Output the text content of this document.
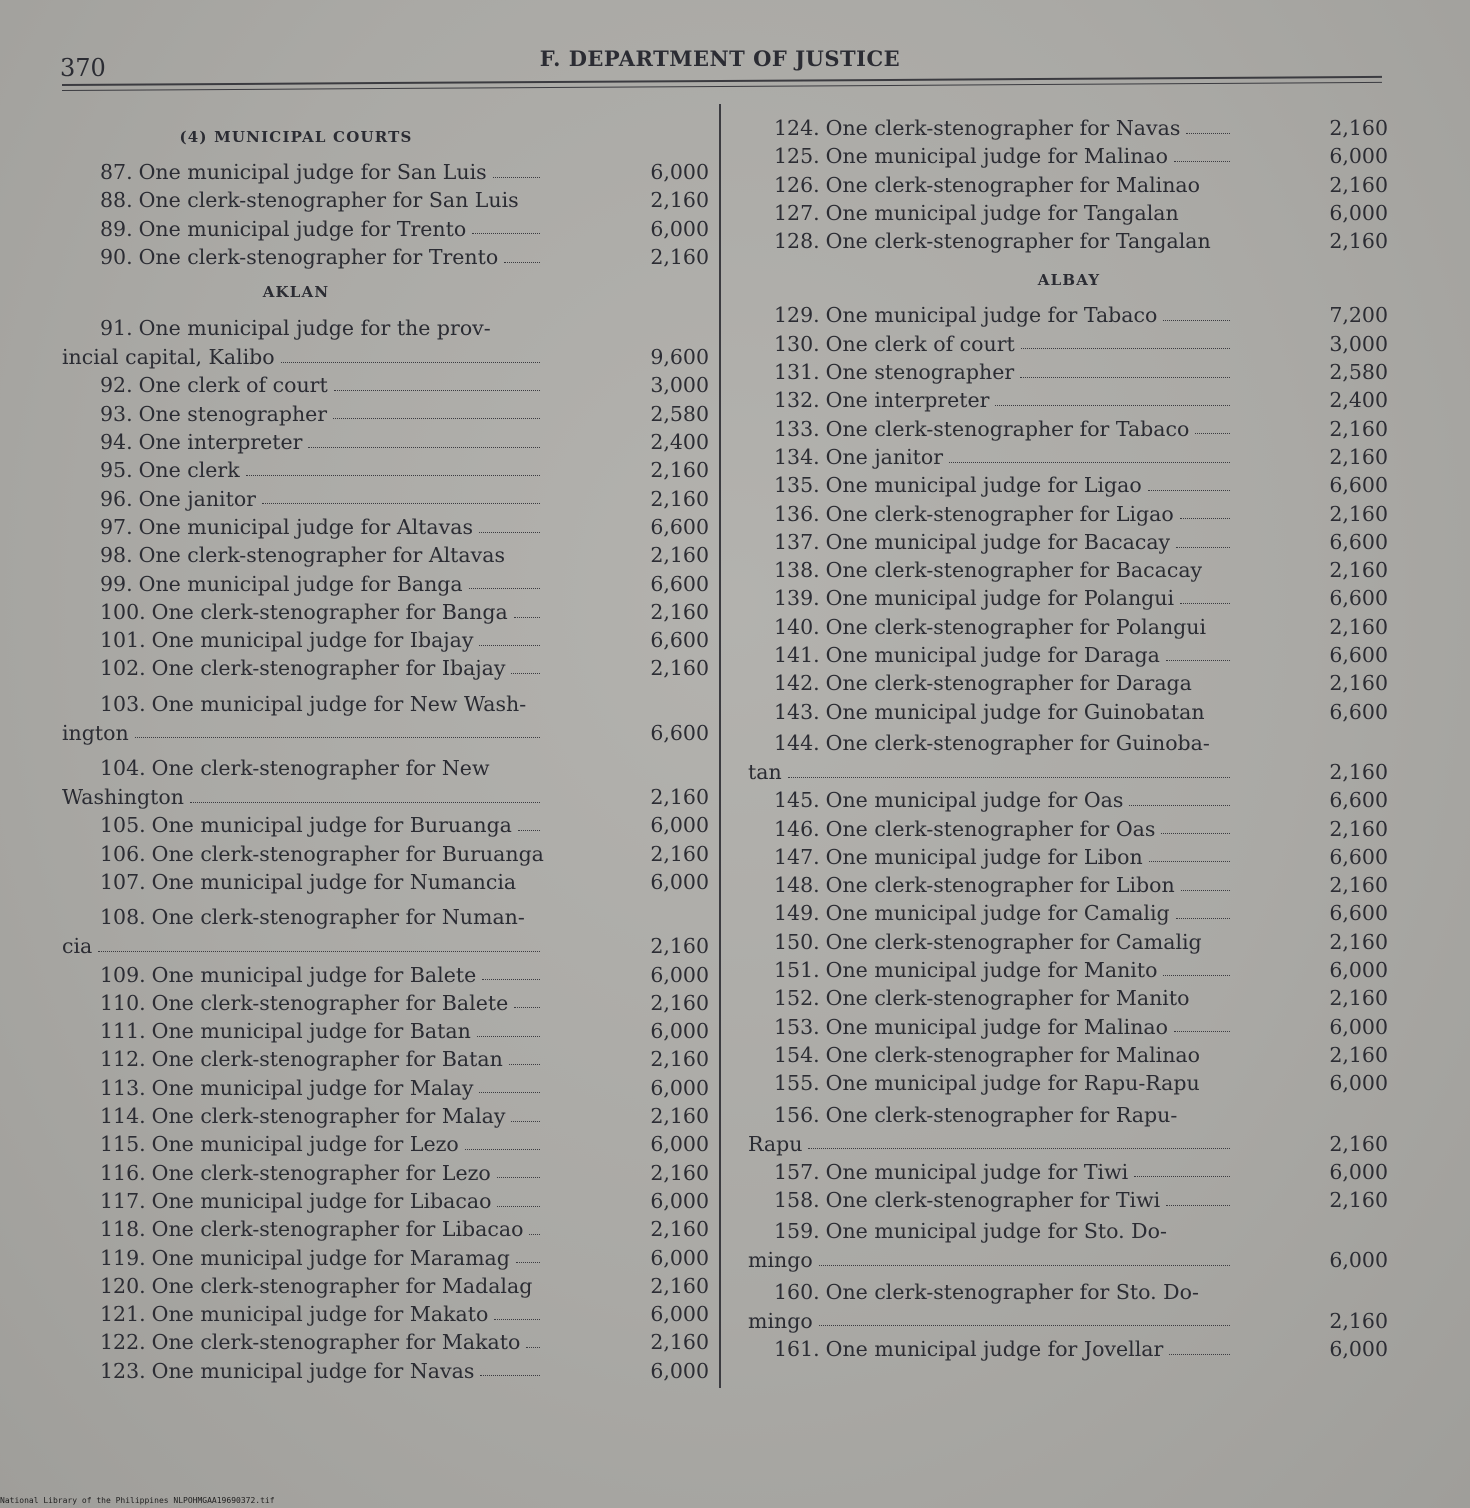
370	F. DEPARTMENT OF JUSTICE
(4) MUNICIPAL COURTS
87. One municipal judge for San Luis	6,000
88. One clerk-stenographer for San Luis	2,160
89. One municipal judge for Trento	6,000
90. One clerk-stenographer for Trento	2,160
AKLAN
91. One municipal judge for the prov-
incial capital, Kalibo	9,600
92. One clerk of court	3,000
93. One stenographer	2,580
94. One interpreter	2,400
95. One clerk	2,160
96. One janitor	2,160
97. One municipal judge for Altavas	6,600
98. One clerk-stenographer for Altavas	2,160
99. One municipal judge for Banga	6,600
100. One clerk-stenographer for Banga	2,160
101. One municipal judge for Ibajay	6,600
102. One clerk-stenographer for Ibajay	2,160
103. One municipal judge for New Wash-
ington	6,600
104. One clerk-stenographer for New
Washington	2,160
105. One municipal judge for Buruanga	6,000
106. One clerk-stenographer for Buruanga	2,160
107. One municipal judge for Numancia	6,000
108. One clerk-stenographer for Numan-
cia	2,160
109. One municipal judge for Balete	6,000
110. One clerk-stenographer for Balete	2,160
111. One municipal judge for Batan	6,000
112. One clerk-stenographer for Batan	2,160
113. One municipal judge for Malay	6,000
114. One clerk-stenographer for Malay	2,160
115. One municipal judge for Lezo	6,000
116. One clerk-stenographer for Lezo	2,160
117. One municipal judge for Libacao	6,000
118. One clerk-stenographer for Libacao	2,160
119. One municipal judge for Maramag	6,000
120. One clerk-stenographer for Madalag	2,160
121. One municipal judge for Makato	6,000
122. One clerk-stenographer for Makato	2,160
123. One municipal judge for Navas	6,000
124. One clerk-stenographer for Navas	2,160
125. One municipal judge for Malinao	6,000
126. One clerk-stenographer for Malinao	2,160
127. One municipal judge for Tangalan	6,000
128. One clerk-stenographer for Tangalan	2,160
ALBAY
129. One municipal judge for Tabaco	7,200
130. One clerk of court	3,000
131. One stenographer	2,580
132. One interpreter	2,400
133. One clerk-stenographer for Tabaco	2,160
134. One janitor	2,160
135. One municipal judge for Ligao	6,600
136. One clerk-stenographer for Ligao	2,160
137. One municipal judge for Bacacay	6,600
138. One clerk-stenographer for Bacacay	2,160
139. One municipal judge for Polangui	6,600
140. One clerk-stenographer for Polangui	2,160
141. One municipal judge for Daraga	6,600
142. One clerk-stenographer for Daraga	2,160
143. One municipal judge for Guinobatan	6,600
144. One clerk-stenographer for Guinoba-
tan	2,160
145. One municipal judge for Oas	6,600
146. One clerk-stenographer for Oas	2,160
147. One municipal judge for Libon	6,600
148. One clerk-stenographer for Libon	2,160
149. One municipal judge for Camalig	6,600
150. One clerk-stenographer for Camalig	2,160
151. One municipal judge for Manito	6,000
152. One clerk-stenographer for Manito	2,160
153. One municipal judge for Malinao	6,000
154. One clerk-stenographer for Malinao	2,160
155. One municipal judge for Rapu-Rapu	6,000
156. One clerk-stenographer for Rapu-
Rapu	2,160
157. One municipal judge for Tiwi	6,000
158. One clerk-stenographer for Tiwi	2,160
159. One municipal judge for Sto. Do-
mingo	6,000
160. One clerk-stenographer for Sto. Do-
mingo	2,160
161. One municipal judge for Jovellar	6,000
National Library of the Philippines NLPOHMGAA19690372.tif
